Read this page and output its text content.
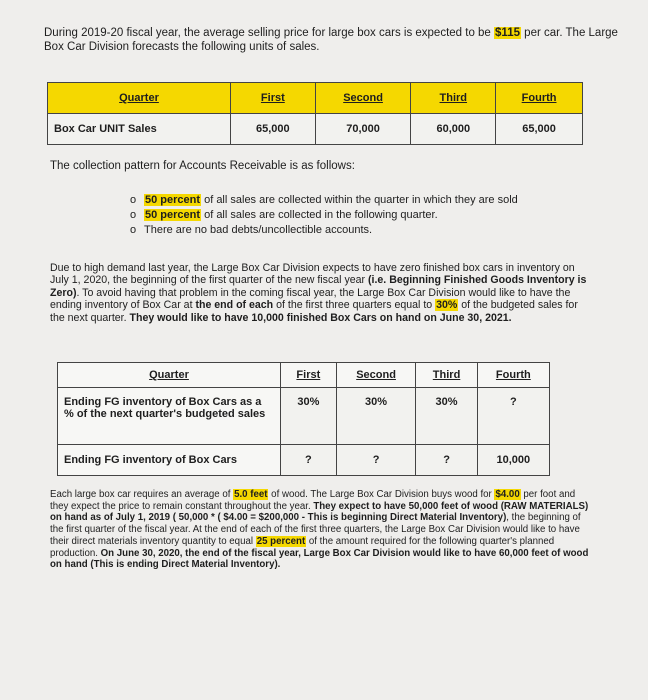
During 2019-20 fiscal year, the average selling price for large box cars is expected to be $115 per car. The Large Box Car Division forecasts the following units of sales.
Quarter	First	Second	Third	Fourth
Box Car UNIT Sales	65,000	70,000	60,000	65,000
The collection pattern for Accounts Receivable is as follows:
o 50 percent of all sales are collected within the quarter in which they are sold
o 50 percent of all sales are collected in the following quarter.
o There are no bad debts/uncollectible accounts.
Due to high demand last year, the Large Box Car Division expects to have zero finished box cars in inventory on July 1, 2020, the beginning of the first quarter of the new fiscal year (i.e. Beginning Finished Goods Inventory is Zero). To avoid having that problem in the coming fiscal year, the Large Box Car Division would like to have the ending inventory of Box Car at the end of each of the first three quarters equal to 30% of the budgeted sales for the next quarter. They would like to have 10,000 finished Box Cars on hand on June 30, 2021.
Quarter	First	Second	Third	Fourth
Ending FG inventory of Box Cars as a % of the next quarter's budgeted sales	30%	30%	30%	?
Ending FG inventory of Box Cars	?	?	?	10,000
Each large box car requires an average of 5.0 feet of wood. The Large Box Car Division buys wood for $4.00 per foot and they expect the price to remain constant throughout the year. They expect to have 50,000 feet of wood (RAW MATERIALS) on hand as of July 1, 2019 ( 50,000 * ( $4.00 = $200,000 - This is beginning Direct Material Inventory), the beginning of the first quarter of the fiscal year. At the end of each of the first three quarters, the Large Box Car Division would like to have their direct materials inventory quantity to equal 25 percent of the amount required for the following quarter's planned production. On June 30, 2020, the end of the fiscal year, Large Box Car Division would like to have 60,000 feet of wood on hand (This is ending Direct Material Inventory).
